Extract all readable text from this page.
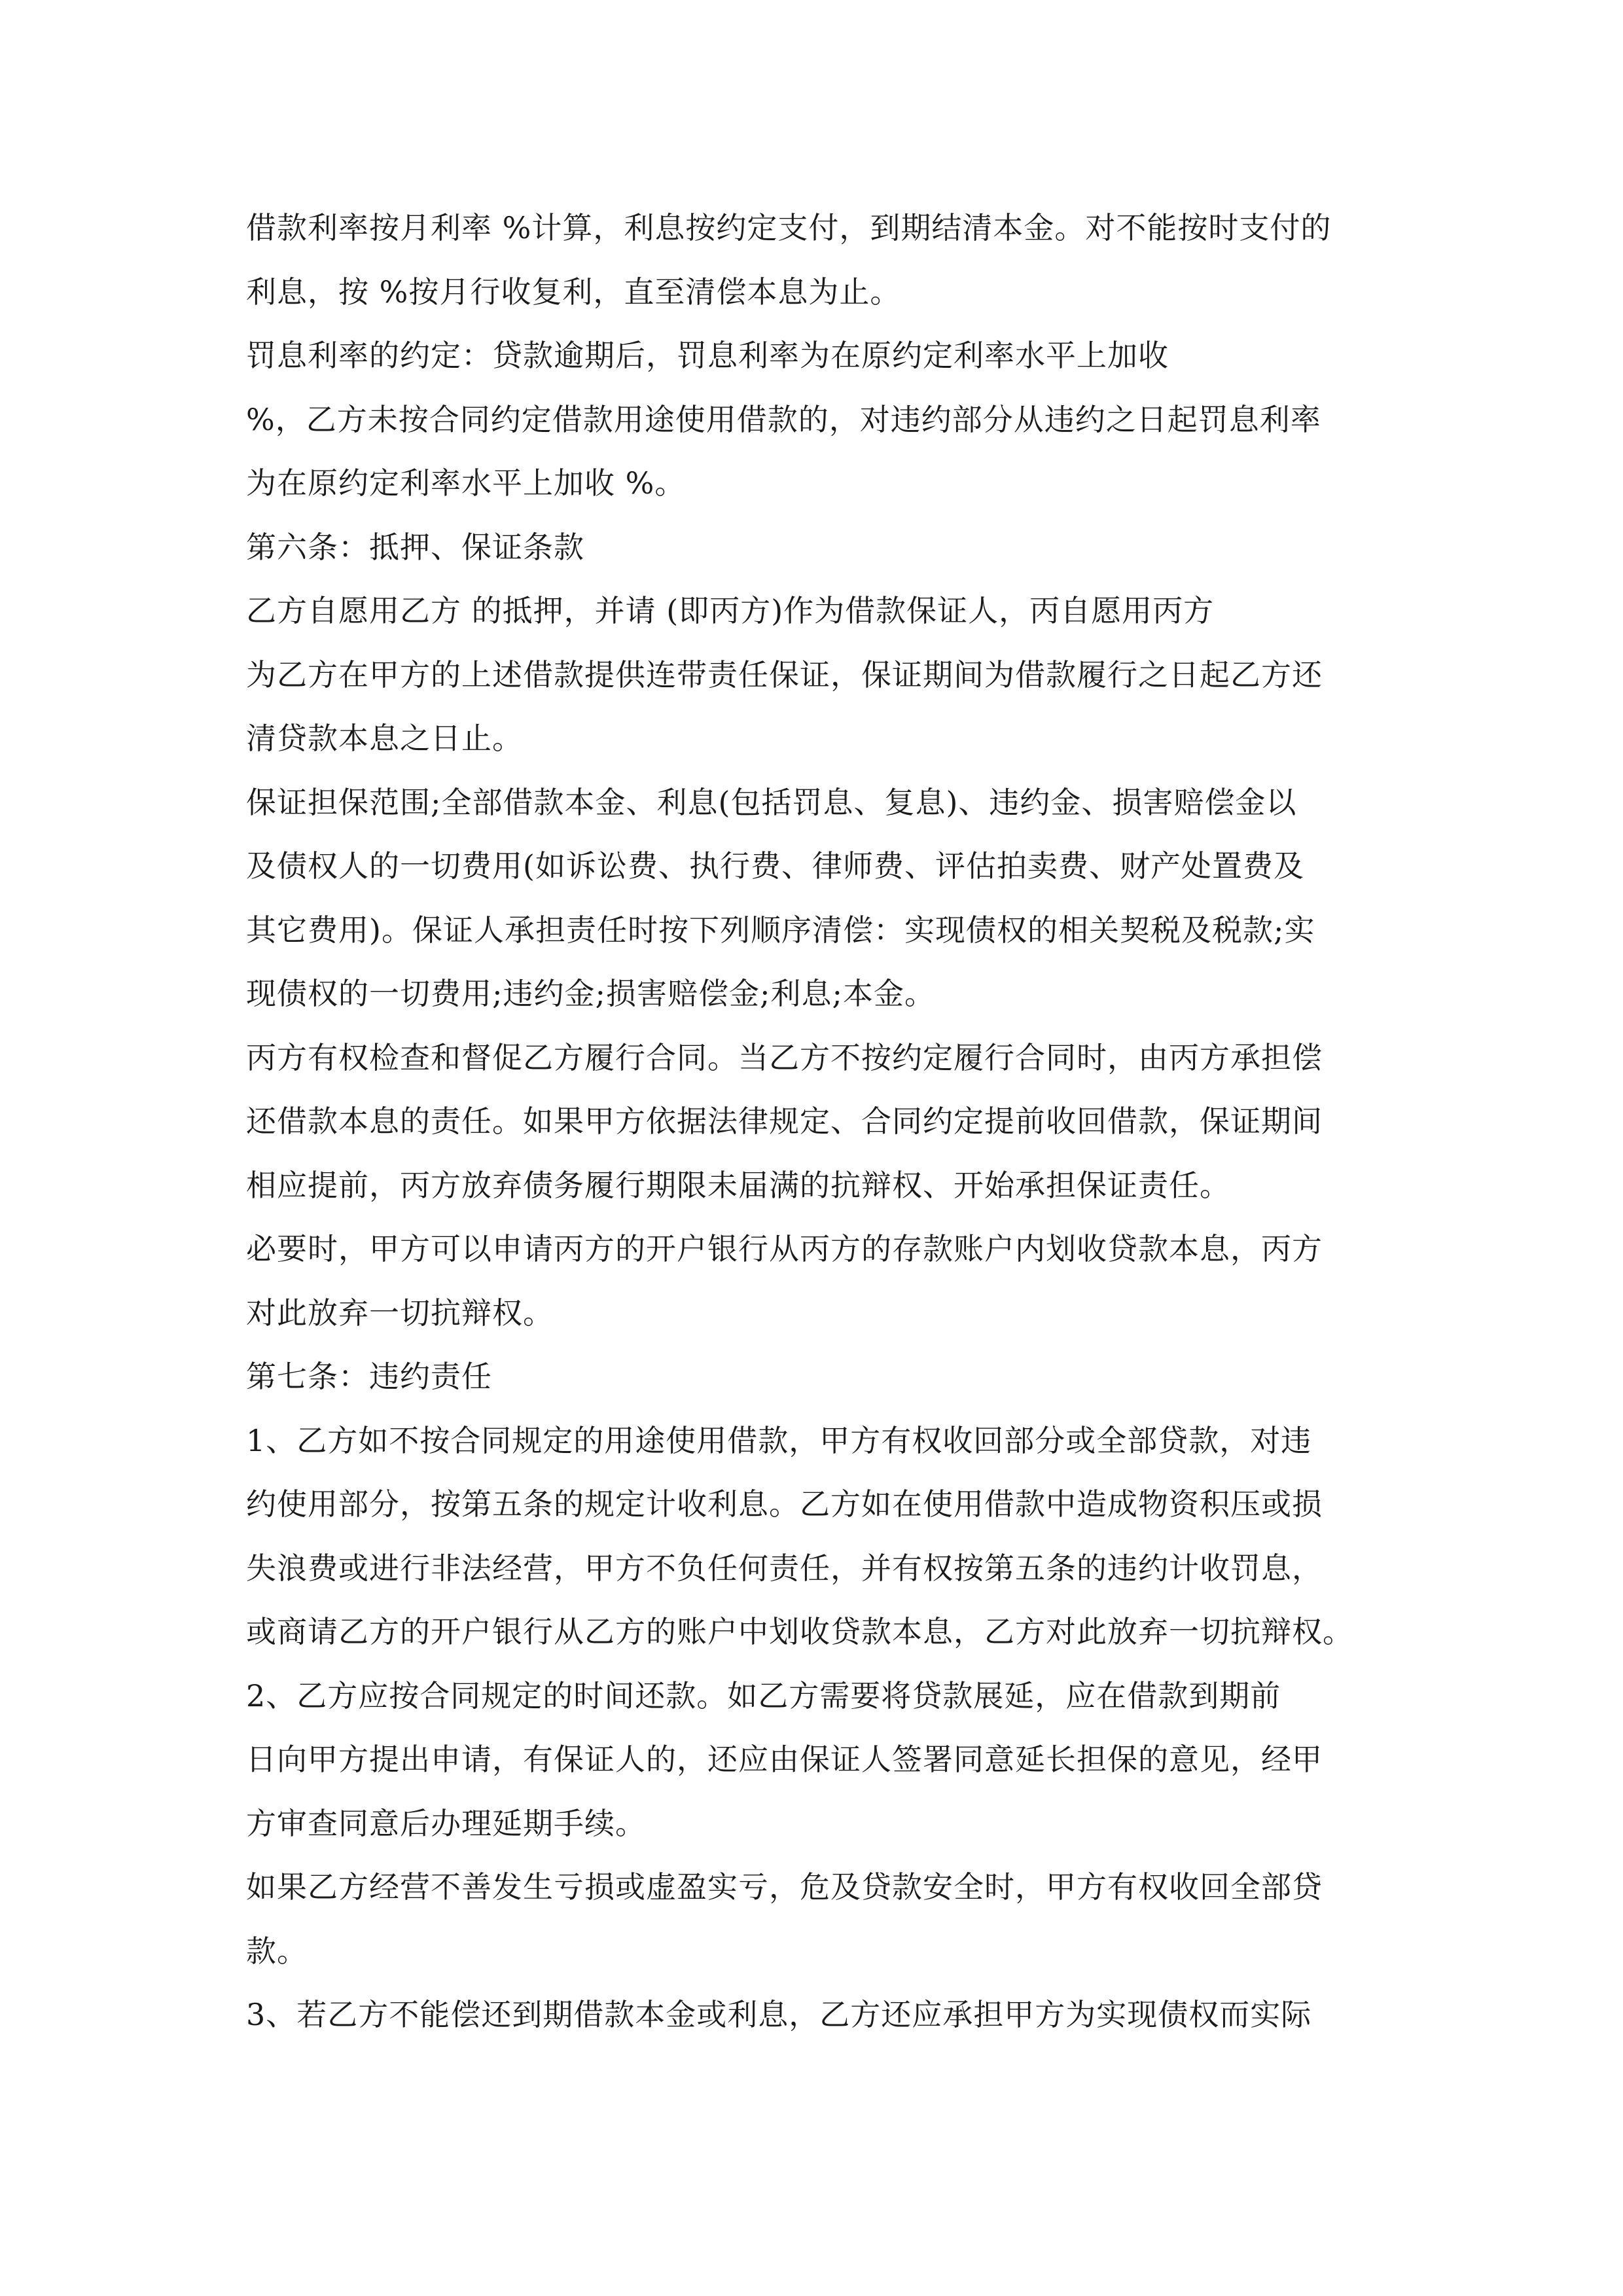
借款利率按月利率 %计算，利息按约定支付，到期结清本金。对不能按时支付的
利息，按 %按月行收复利，直至清偿本息为止。
罚息利率的约定：贷款逾期后，罚息利率为在原约定利率水平上加收
%，乙方未按合同约定借款用途使用借款的，对违约部分从违约之日起罚息利率
为在原约定利率水平上加收 %。
第六条：抵押、保证条款
乙方自愿用乙方 的抵押，并请 (即丙方)作为借款保证人，丙自愿用丙方
为乙方在甲方的上述借款提供连带责任保证，保证期间为借款履行之日起乙方还
清贷款本息之日止。
保证担保范围;全部借款本金、利息(包括罚息、复息)、违约金、损害赔偿金以
及债权人的一切费用(如诉讼费、执行费、律师费、评估拍卖费、财产处置费及
其它费用)。保证人承担责任时按下列顺序清偿：实现债权的相关契税及税款;实
现债权的一切费用;违约金;损害赔偿金;利息;本金。
丙方有权检查和督促乙方履行合同。当乙方不按约定履行合同时，由丙方承担偿
还借款本息的责任。如果甲方依据法律规定、合同约定提前收回借款，保证期间
相应提前，丙方放弃债务履行期限未届满的抗辩权、开始承担保证责任。
必要时，甲方可以申请丙方的开户银行从丙方的存款账户内划收贷款本息，丙方
对此放弃一切抗辩权。
第七条：违约责任
1、乙方如不按合同规定的用途使用借款，甲方有权收回部分或全部贷款，对违
约使用部分，按第五条的规定计收利息。乙方如在使用借款中造成物资积压或损
失浪费或进行非法经营，甲方不负任何责任，并有权按第五条的违约计收罚息，
或商请乙方的开户银行从乙方的账户中划收贷款本息，乙方对此放弃一切抗辩权。
2、乙方应按合同规定的时间还款。如乙方需要将贷款展延，应在借款到期前
日向甲方提出申请，有保证人的，还应由保证人签署同意延长担保的意见，经甲
方审查同意后办理延期手续。
如果乙方经营不善发生亏损或虚盈实亏，危及贷款安全时，甲方有权收回全部贷
款。
3、若乙方不能偿还到期借款本金或利息，乙方还应承担甲方为实现债权而实际
